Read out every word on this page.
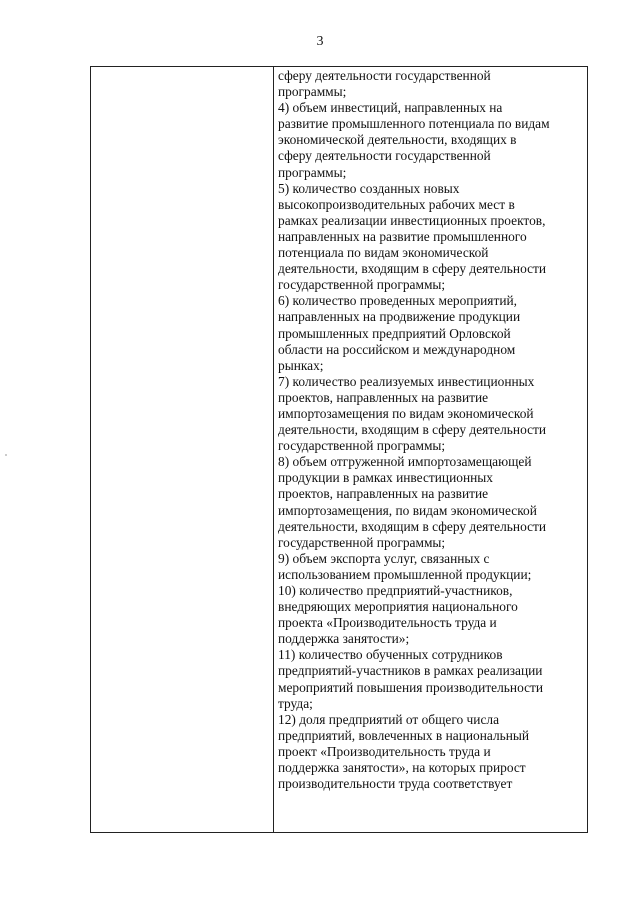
3
сферу деятельности государственной
программы;
4) объем инвестиций, направленных на
развитие промышленного потенциала по видам
экономической деятельности, входящих в
сферу деятельности государственной
программы;
5) количество созданных новых
высокопроизводительных рабочих мест в
рамках реализации инвестиционных проектов,
направленных на развитие промышленного
потенциала по видам экономической
деятельности, входящим в сферу деятельности
государственной программы;
6) количество проведенных мероприятий,
направленных на продвижение продукции
промышленных предприятий Орловской
области на российском и международном
рынках;
7) количество реализуемых инвестиционных
проектов, направленных на развитие
импортозамещения по видам экономической
деятельности, входящим в сферу деятельности
государственной программы;
8) объем отгруженной импортозамещающей
продукции в рамках инвестиционных
проектов, направленных на развитие
импортозамещения, по видам экономической
деятельности, входящим в сферу деятельности
государственной программы;
9) объем экспорта услуг, связанных с
использованием промышленной продукции;
10) количество предприятий-участников,
внедряющих мероприятия национального
проекта «Производительность труда и
поддержка занятости»;
11) количество обученных сотрудников
предприятий-участников в рамках реализации
мероприятий повышения производительности
труда;
12) доля предприятий от общего числа
предприятий, вовлеченных в национальный
проект «Производительность труда и
поддержка занятости», на которых прирост
производительности труда соответствует
